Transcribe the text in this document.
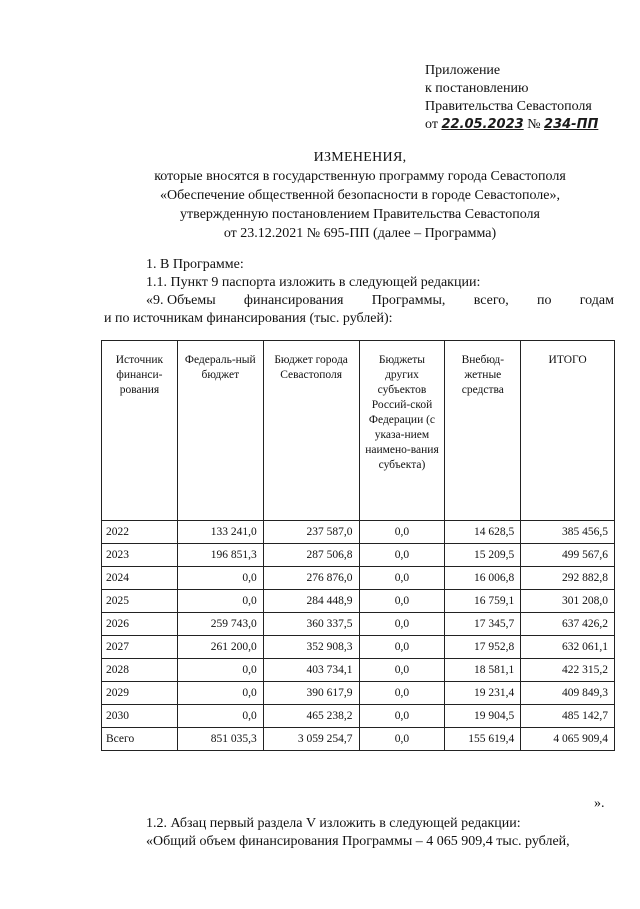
Приложение
к постановлению
Правительства Севастополя
от 22.05.2023 № 234-ПП
ИЗМЕНЕНИЯ,
которые вносятся в государственную программу города Севастополя
«Обеспечение общественной безопасности в городе Севастополе»,
утвержденную постановлением Правительства Севастополя
от 23.12.2021 № 695-ПП (далее – Программа)
1. В Программе:
1.1. Пункт 9 паспорта изложить в следующей редакции:
«9. Объемы финансирования Программы, всего, по годам
и по источникам финансирования (тыс. рублей):
Источник финанси-рования	Федераль-ный бюджет	Бюджет города Севастополя	Бюджеты других субъектов Россий-ской Федерации (с указа-нием наимено-вания субъекта)	Внебюд-жетные средства	ИТОГО
2022	133 241,0	237 587,0	0,0	14 628,5	385 456,5
2023	196 851,3	287 506,8	0,0	15 209,5	499 567,6
2024	0,0	276 876,0	0,0	16 006,8	292 882,8
2025	0,0	284 448,9	0,0	16 759,1	301 208,0
2026	259 743,0	360 337,5	0,0	17 345,7	637 426,2
2027	261 200,0	352 908,3	0,0	17 952,8	632 061,1
2028	0,0	403 734,1	0,0	18 581,1	422 315,2
2029	0,0	390 617,9	0,0	19 231,4	409 849,3
2030	0,0	465 238,2	0,0	19 904,5	485 142,7
Всего	851 035,3	3 059 254,7	0,0	155 619,4	4 065 909,4
».
1.2. Абзац первый раздела V изложить в следующей редакции:
«Общий объем финансирования Программы – 4 065 909,4 тыс. рублей,
